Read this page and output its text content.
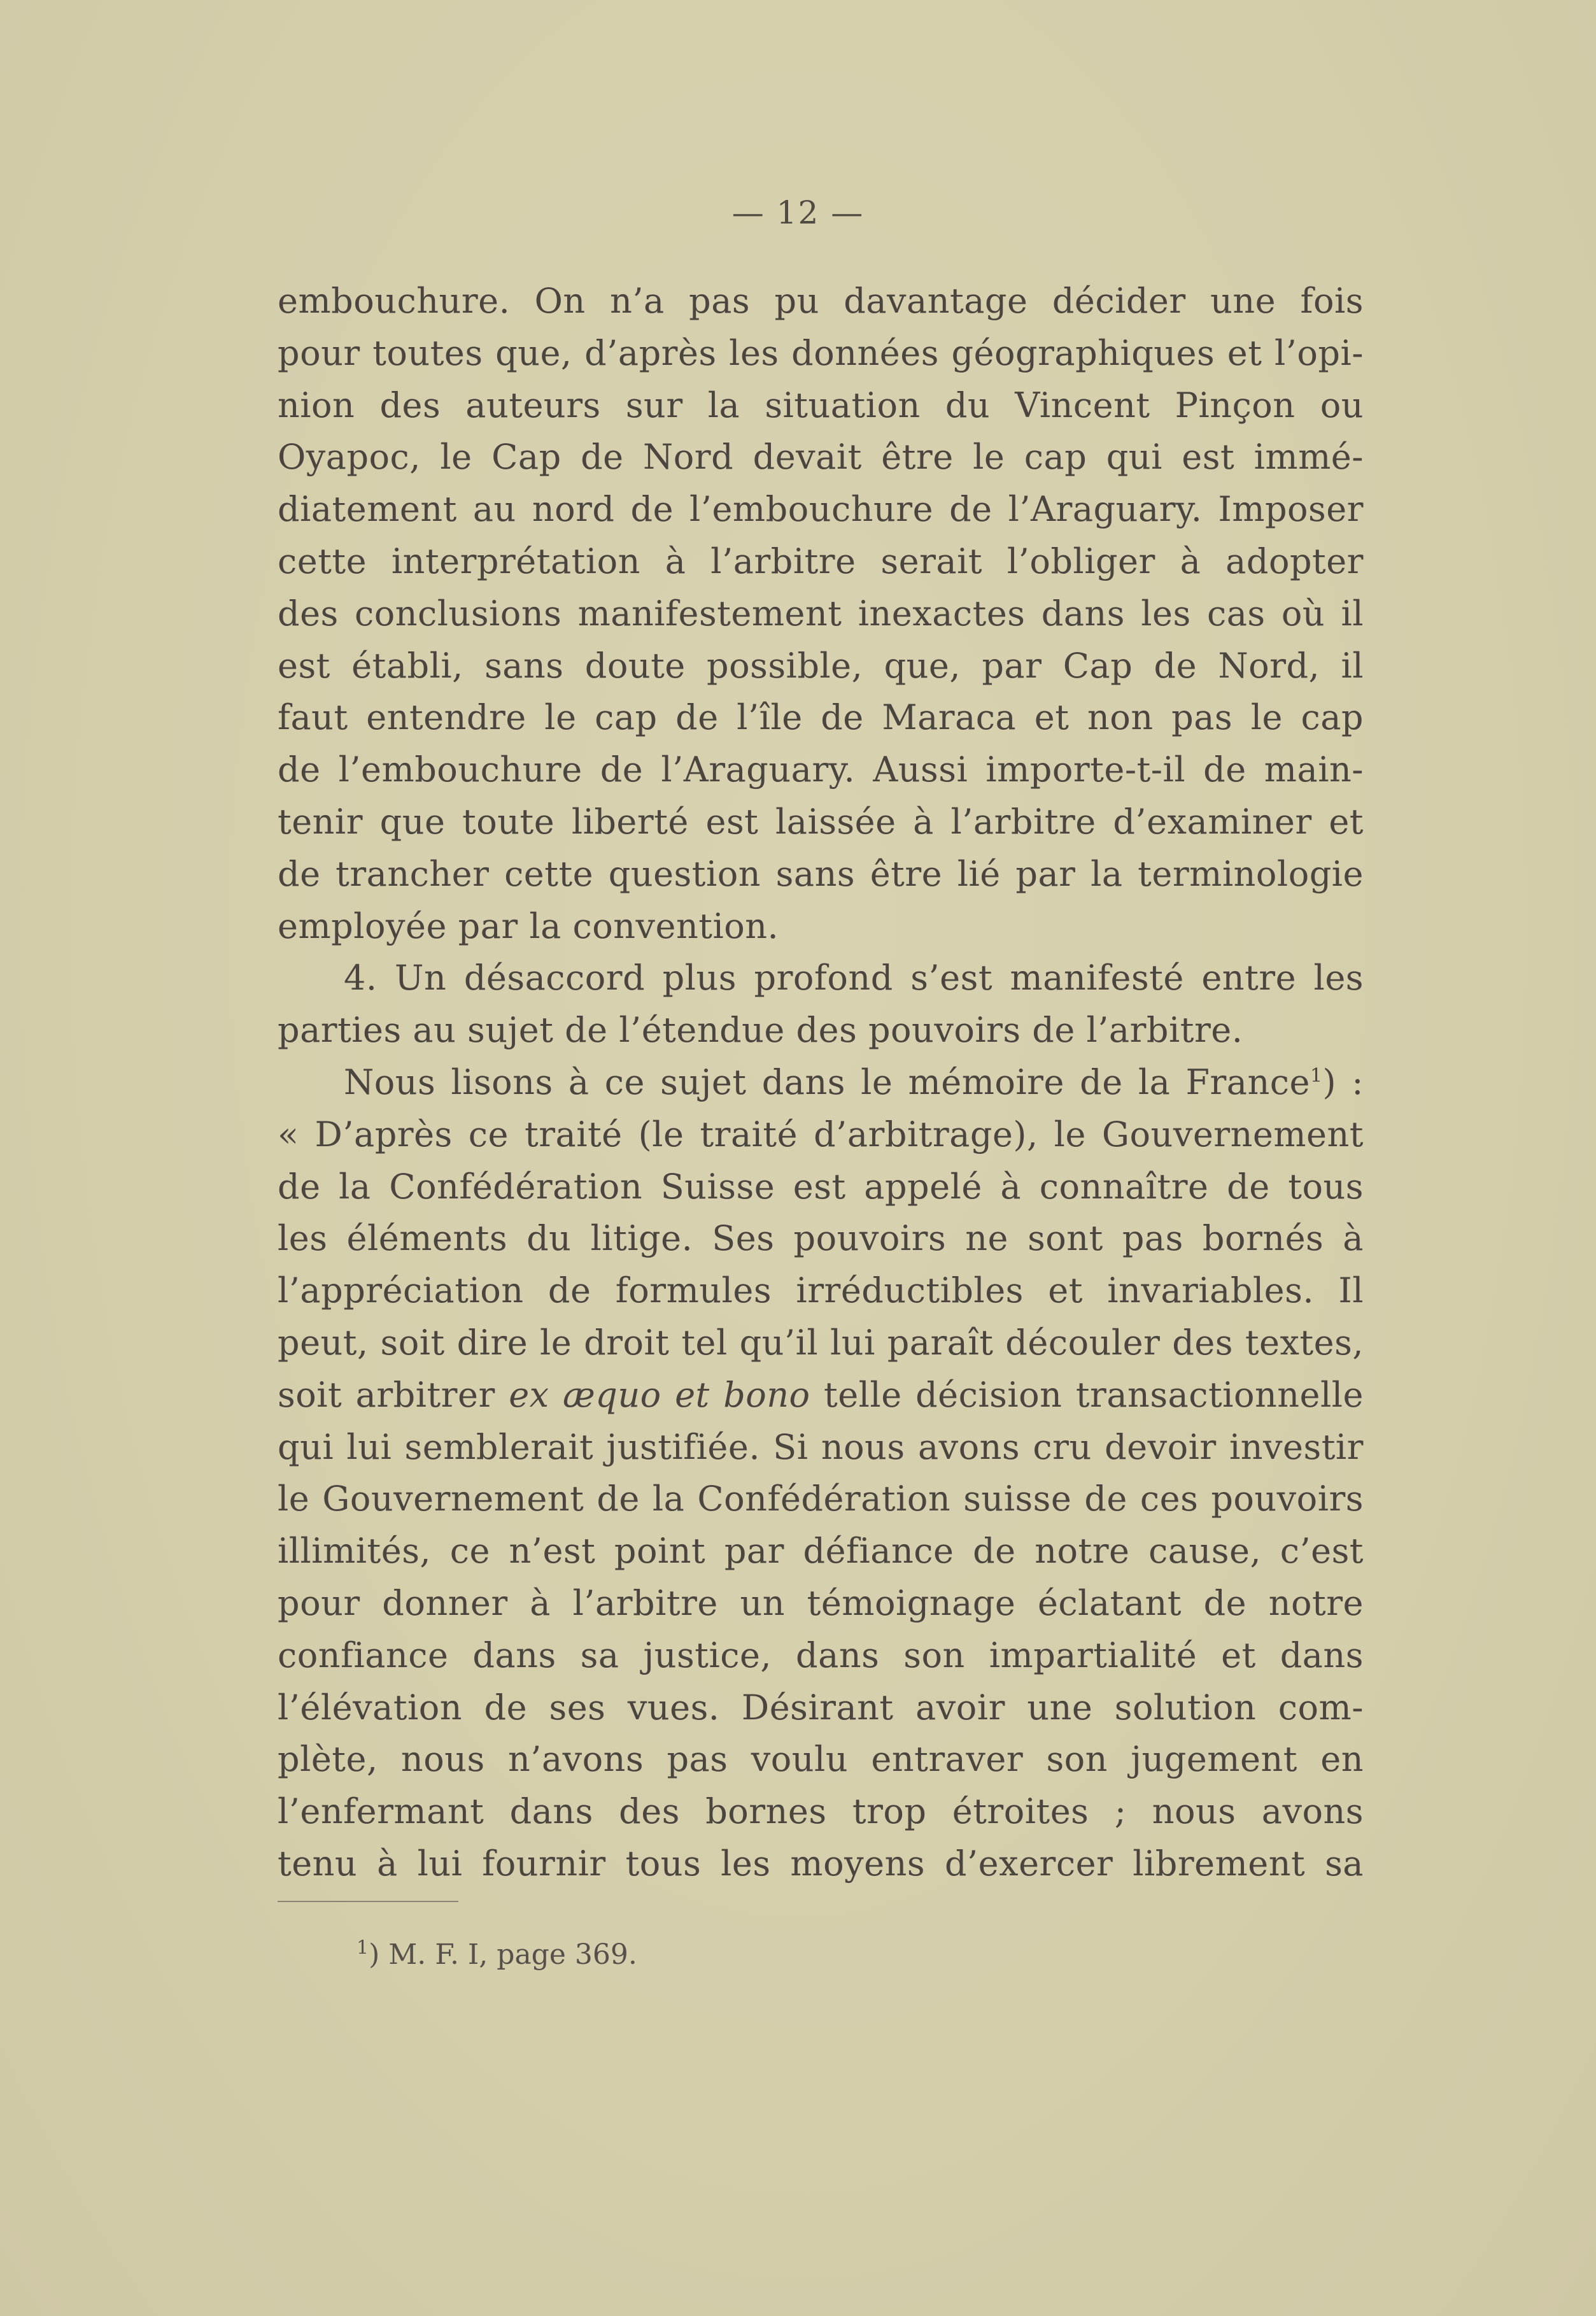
— 12 —
embouchure. On n’a pas pu davantage décider une fois
pour toutes que, d’après les données géographiques et l’opi-
nion des auteurs sur la situation du Vincent Pinçon ou
Oyapoc, le Cap de Nord devait être le cap qui est immé-
diatement au nord de l’embouchure de l’Araguary. Imposer
cette interprétation à l’arbitre serait l’obliger à adopter
des conclusions manifestement inexactes dans les cas où il
est établi, sans doute possible, que, par Cap de Nord, il
faut entendre le cap de l’île de Maraca et non pas le cap
de l’embouchure de l’Araguary. Aussi importe-t-il de main-
tenir que toute liberté est laissée à l’arbitre d’examiner et
de trancher cette question sans être lié par la terminologie
employée par la convention.
4. Un désaccord plus profond s’est manifesté entre les
parties au sujet de l’étendue des pouvoirs de l’arbitre.
Nous lisons à ce sujet dans le mémoire de la France$^1$) :
« D’après ce traité (le traité d’arbitrage), le Gouvernement
de la Confédération Suisse est appelé à connaître de tous
les éléments du litige. Ses pouvoirs ne sont pas bornés à
l’appréciation de formules irréductibles et invariables. Il
peut, soit dire le droit tel qu’il lui paraît découler des textes,
soit arbitrer ex æquo et bono telle décision transactionnelle
qui lui semblerait justifiée. Si nous avons cru devoir investir
le Gouvernement de la Confédération suisse de ces pouvoirs
illimités, ce n’est point par défiance de notre cause, c’est
pour donner à l’arbitre un témoignage éclatant de notre
confiance dans sa justice, dans son impartialité et dans
l’élévation de ses vues. Désirant avoir une solution com-
plète, nous n’avons pas voulu entraver son jugement en
l’enfermant dans des bornes trop étroites ; nous avons
tenu à lui fournir tous les moyens d’exercer librement sa
$^1$) M. F. I, page 369.
